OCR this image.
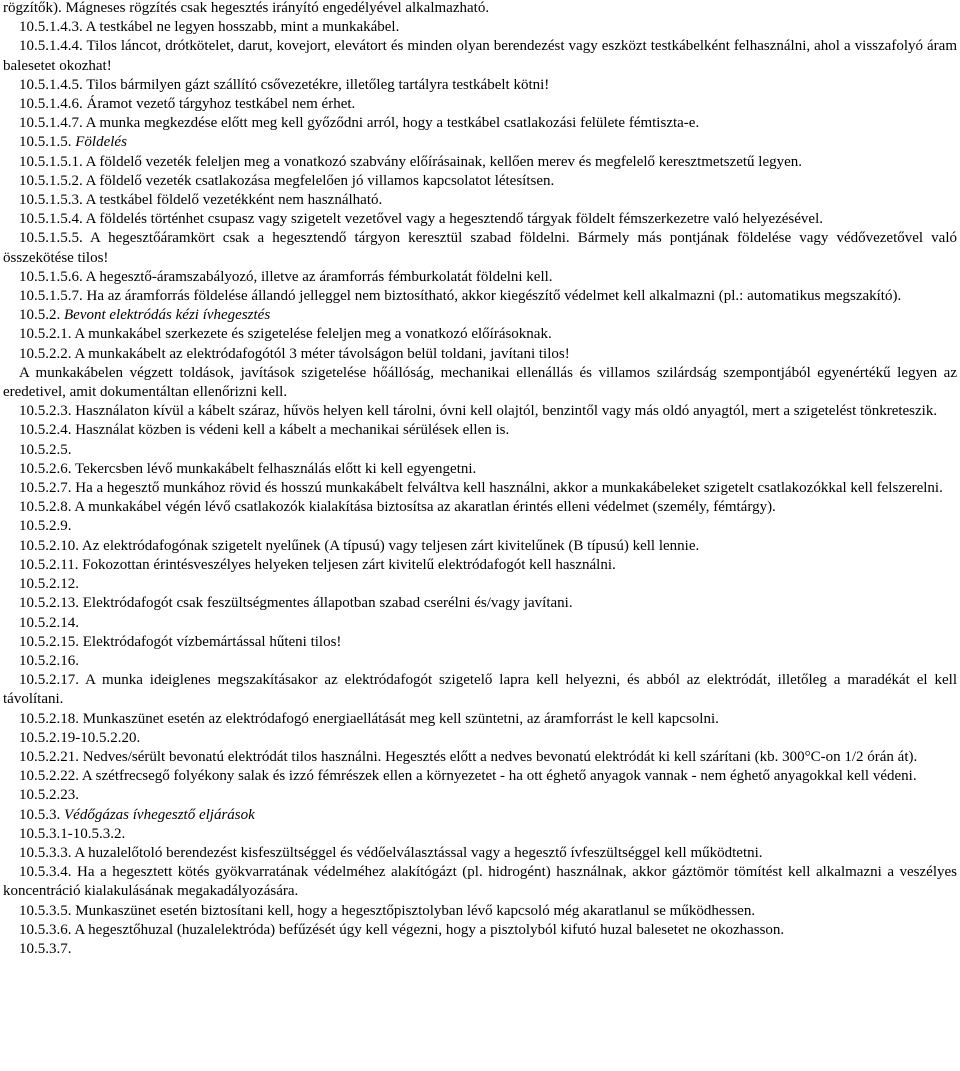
rögzítők). Mágneses rögzítés csak hegesztés irányító engedélyével alkalmazható.

10.5.1.4.3. A testkábel ne legyen hosszabb, mint a munkakábel.

10.5.1.4.4. Tilos láncot, drótkötelet, darut, kovejort, elevátort és minden olyan berendezést vagy eszközt testkábelként felhasználni, ahol a visszafolyó áram balesetet okozhat!

10.5.1.4.5. Tilos bármilyen gázt szállító csővezetékre, illetőleg tartályra testkábelt kötni!

10.5.1.4.6. Áramot vezető tárgyhoz testkábel nem érhet.

10.5.1.4.7. A munka megkezdése előtt meg kell győződni arról, hogy a testkábel csatlakozási felülete fémtiszta-e.

10.5.1.5. Földelés

10.5.1.5.1. A földelő vezeték feleljen meg a vonatkozó szabvány előírásainak, kellően merev és megfelelő keresztmetszetű legyen.

10.5.1.5.2. A földelő vezeték csatlakozása megfelelően jó villamos kapcsolatot létesítsen.

10.5.1.5.3. A testkábel földelő vezetékként nem használható.

10.5.1.5.4. A földelés történhet csupasz vagy szigetelt vezetővel vagy a hegesztendő tárgyak földelt fémszerkezetre való helyezésével.

10.5.1.5.5. A hegesztőáramkört csak a hegesztendő tárgyon keresztül szabad földelni. Bármely más pontjának földelése vagy védővezetővel való összekötése tilos!

10.5.1.5.6. A hegesztő-áramszabályozó, illetve az áramforrás fémburkolatát földelni kell.

10.5.1.5.7. Ha az áramforrás földelése állandó jelleggel nem biztosítható, akkor kiegészítő védelmet kell alkalmazni (pl.: automatikus megszakító).

10.5.2. Bevont elektródás kézi ívhegesztés

10.5.2.1. A munkakábel szerkezete és szigetelése feleljen meg a vonatkozó előírásoknak.

10.5.2.2. A munkakábelt az elektródafogótól 3 méter távolságon belül toldani, javítani tilos!

A munkakábelen végzett toldások, javítások szigetelése hőállóság, mechanikai ellenállás és villamos szilárdság szempontjából egyenértékű legyen az eredetivel, amit dokumentáltan ellenőrizni kell.

10.5.2.3. Használaton kívül a kábelt száraz, hűvös helyen kell tárolni, óvni kell olajtól, benzintől vagy más oldó anyagtól, mert a szigetelést tönkreteszik.

10.5.2.4. Használat közben is védeni kell a kábelt a mechanikai sérülések ellen is.

10.5.2.5.

10.5.2.6. Tekercsben lévő munkakábelt felhasználás előtt ki kell egyengetni.

10.5.2.7. Ha a hegesztő munkához rövid és hosszú munkakábelt felváltva kell használni, akkor a munkakábeleket szigetelt csatlakozókkal kell felszerelni.

10.5.2.8. A munkakábel végén lévő csatlakozók kialakítása biztosítsa az akaratlan érintés elleni védelmet (személy, fémtárgy).

10.5.2.9.

10.5.2.10. Az elektródafogónak szigetelt nyelűnek (A típusú) vagy teljesen zárt kivitelűnek (B típusú) kell lennie.

10.5.2.11. Fokozottan érintésveszélyes helyeken teljesen zárt kivitelű elektródafogót kell használni.

10.5.2.12.

10.5.2.13. Elektródafogót csak feszültségmentes állapotban szabad cserélni és/vagy javítani.

10.5.2.14.

10.5.2.15. Elektródafogót vízbemártással hűteni tilos!

10.5.2.16.

10.5.2.17. A munka ideiglenes megszakításakor az elektródafogót szigetelő lapra kell helyezni, és abból az elektródát, illetőleg a maradékát el kell távolítani.

10.5.2.18. Munkaszünet esetén az elektródafogó energiaellátását meg kell szüntetni, az áramforrást le kell kapcsolni.

10.5.2.19-10.5.2.20.

10.5.2.21. Nedves/sérült bevonatú elektródát tilos használni. Hegesztés előtt a nedves bevonatú elektródát ki kell szárítani (kb. 300°C-on 1/2 órán át).

10.5.2.22. A szétfrecsegő folyékony salak és izzó fémrészek ellen a környezetet - ha ott éghető anyagok vannak - nem éghető anyagokkal kell védeni.

10.5.2.23.

10.5.3. Védőgázas ívhegesztő eljárások

10.5.3.1-10.5.3.2.

10.5.3.3. A huzalelőtoló berendezést kisfeszültséggel és védőelválasztással vagy a hegesztő ívfeszültséggel kell működtetni.

10.5.3.4. Ha a hegesztett kötés gyökvarratának védelméhez alakítógázt (pl. hidrogént) használnak, akkor gáztömör tömítést kell alkalmazni a veszélyes koncentráció kialakulásának megakadályozására.

10.5.3.5. Munkaszünet esetén biztosítani kell, hogy a hegesztőpisztolyban lévő kapcsoló még akaratlanul se működhessen.

10.5.3.6. A hegesztőhuzal (huzalelektróda) befűzését úgy kell végezni, hogy a pisztolyból kifutó huzal balesetet ne okozhasson.

10.5.3.7.
